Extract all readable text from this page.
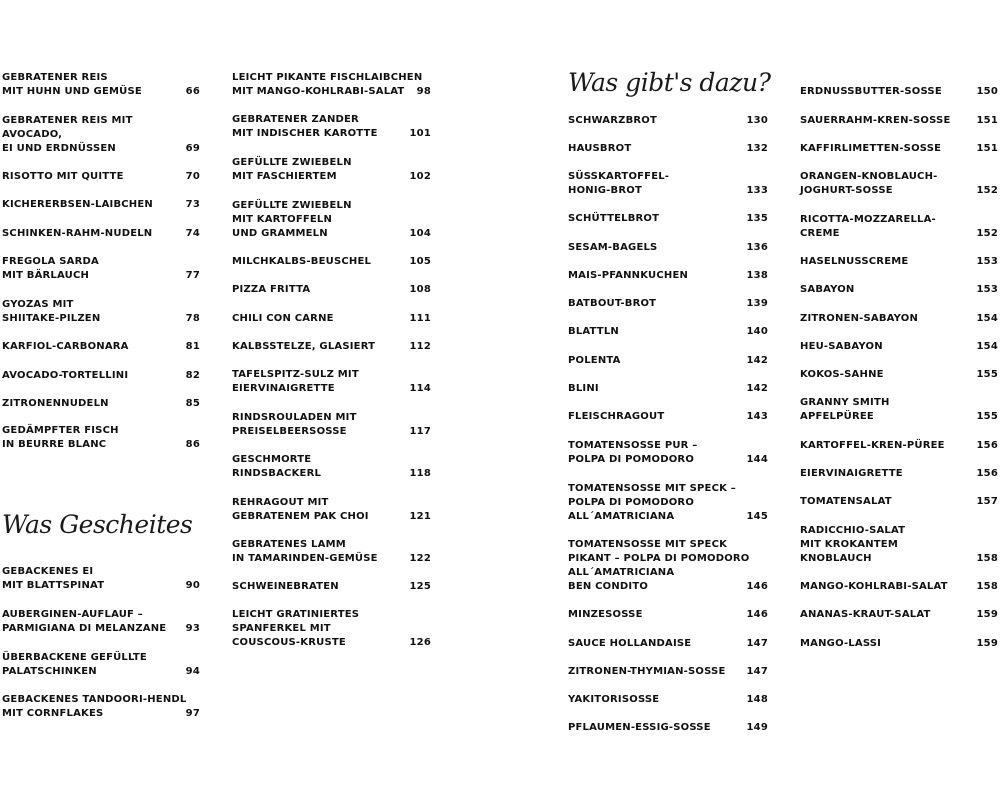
GEBRATENER REIS
MIT HUHN UND GEMÜSE	66
GEBRATENER REIS MIT
AVOCADO,
EI UND ERDNÜSSEN	69
RISOTTO MIT QUITTE	70
KICHERERBSEN-LAIBCHEN	73
SCHINKEN-RAHM-NUDELN	74
FREGOLA SARDA
MIT BÄRLAUCH	77
GYOZAS MIT
SHIITAKE-PILZEN	78
KARFIOL-CARBONARA	81
AVOCADO-TORTELLINI	82
ZITRONENNUDELN	85
GEDÄMPFTER FISCH
IN BEURRE BLANC	86
GEBACKENES EI
MIT BLATTSPINAT	90
AUBERGINEN-AUFLAUF –
PARMIGIANA DI MELANZANE 93
ÜBERBACKENE GEFÜLLTE
PALATSCHINKEN	94
GEBACKENES TANDOORI-HENDL
MIT CORNFLAKES	97
LEICHT PIKANTE FISCHLAIBCHEN
MIT MANGO-KOHLRABI-SALAT	98
GEBRATENER ZANDER
MIT INDISCHER KAROTTE	101
GEFÜLLTE ZWIEBELN
MIT FASCHIERTEM	102
GEFÜLLTE ZWIEBELN
MIT KARTOFFELN
UND GRAMMELN	104
MILCHKALBS-BEUSCHEL	105
PIZZA FRITTA	108
CHILI CON CARNE	111
KALBSSTELZE, GLASIERT	112
TAFELSPITZ-SULZ MIT
EIERVINAIGRETTE	114
RINDSROULADEN MIT
PREISELBEERSOSSE	117
GESCHMORTE
RINDSBACKERL	118
REHRAGOUT MIT
GEBRATENEM PAK CHOI	121
GEBRATENES LAMM
IN TAMARINDEN-GEMÜSE	122
SCHWEINEBRATEN	125
LEICHT GRATINIERTES
SPANFERKEL MIT
COUSCOUS-KRUSTE	126
SCHWARZBROT	130
HAUSBROT	132
SÜSSKARTOFFEL-
HONIG-BROT	133
SCHÜTTELBROT	135
SESAM-BAGELS	136
MAIS-PFANNKUCHEN	138
BATBOUT-BROT	139
BLATTLN	140
POLENTA	142
BLINI	142
FLEISCHRAGOUT	143
TOMATENSOSSE PUR –
POLPA DI POMODORO	144
TOMATENSOSSE MIT SPECK –
POLPA DI POMODORO
ALL´AMATRICIANA	145
TOMATENSOSSE MIT SPECK
PIKANT – POLPA DI POMODORO
ALL´AMATRICIANA
BEN CONDITO	146
MINZESOSSE	146
SAUCE HOLLANDAISE	147
ZITRONEN-THYMIAN-SOSSE 147
YAKITORISOSSE	148
PFLAUMEN-ESSIG-SOSSE	149
ERDNUSSBUTTER-SOSSE	150
SAUERRAHM-KREN-SOSSE	151
KAFFIRLIMETTEN-SOSSE	151
ORANGEN-KNOBLAUCH-
JOGHURT-SOSSE	152
RICOTTA-MOZZARELLA-
CREME	152
HASELNUSSCREME	153
SABAYON	153
ZITRONEN-SABAYON	154
HEU-SABAYON	154
KOKOS-SAHNE	155
GRANNY SMITH
APFELPÜREE	155
KARTOFFEL-KREN-PÜREE	156
EIERVINAIGRETTE	156
TOMATENSALAT	157
RADICCHIO-SALAT
MIT KROKANTEM
KNOBLAUCH	158
MANGO-KOHLRABI-SALAT	158
ANANAS-KRAUT-SALAT	159
MANGO-LASSI	159
Was Gescheites
Was gibt's dazu?
